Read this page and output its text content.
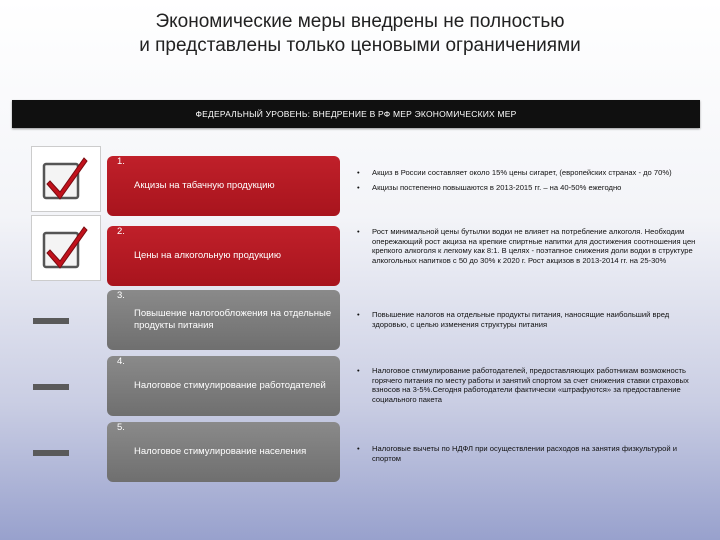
Экономические меры внедрены не полностью
и представлены только ценовыми ограничениями
ФЕДЕРАЛЬНЫЙ УРОВЕНЬ: ВНЕДРЕНИЕ В РФ МЕР ЭКОНОМИЧЕСКИХ МЕР
1.
Акцизы на табачную продукцию
•	Акциз в России составляет около 15% цены сигарет, (европейских странах - до 70%)
•	Акцизы постепенно повышаются в 2013-2015 гг. – на 40-50% ежегодно
2.
Цены на алкогольную продукцию
•	Рост минимальной цены бутылки водки не влияет на потребление алкоголя. Необходим опережающий рост акциза на крепкие спиртные напитки для достижения соотношения цен крепкого алкоголя к легкому как 8:1. В целях - поэтапное снижения доли водки в структуре алкогольных напитков с 50 до 30% к 2020 г. Рост акцизов в 2013-2014 гг. на 25-30%
3.
Повышение налогообложения на отдельные продукты питания
•	Повышение налогов на отдельные продукты питания, наносящие наибольший вред здоровью, с целью изменения структуры питания
4.
Налоговое стимулирование работодателей
•	Налоговое стимулирование работодателей, предоставляющих работникам возможность горячего питания по месту работы и занятий спортом за счет снижения ставки страховых взносов на 3-5%.Сегодня работодатели фактически «штрафуются» за предоставление социального пакета
5.
Налоговое стимулирование населения	•	Налоговые вычеты по НДФЛ при осуществлении расходов на занятия физкультурой и спортом
